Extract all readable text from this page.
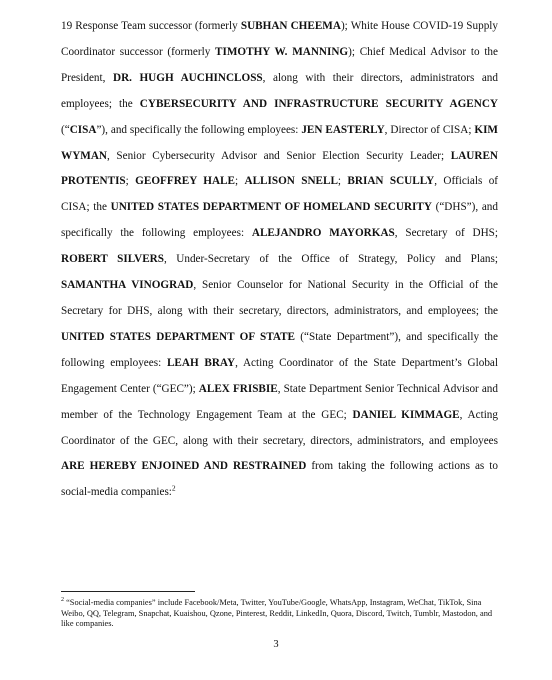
19 Response Team successor (formerly SUBHAN CHEEMA); White House COVID-19 Supply Coordinator successor (formerly TIMOTHY W. MANNING); Chief Medical Advisor to the President, DR. HUGH AUCHINCLOSS, along with their directors, administrators and employees; the CYBERSECURITY AND INFRASTRUCTURE SECURITY AGENCY (“CISA”), and specifically the following employees: JEN EASTERLY, Director of CISA; KIM WYMAN, Senior Cybersecurity Advisor and Senior Election Security Leader; LAUREN PROTENTIS; GEOFFREY HALE; ALLISON SNELL; BRIAN SCULLY, Officials of CISA; the UNITED STATES DEPARTMENT OF HOMELAND SECURITY (“DHS”), and specifically the following employees: ALEJANDRO MAYORKAS, Secretary of DHS; ROBERT SILVERS, Under-Secretary of the Office of Strategy, Policy and Plans; SAMANTHA VINOGRAD, Senior Counselor for National Security in the Official of the Secretary for DHS, along with their secretary, directors, administrators, and employees; the UNITED STATES DEPARTMENT OF STATE (“State Department”), and specifically the following employees: LEAH BRAY, Acting Coordinator of the State Department’s Global Engagement Center (“GEC”); ALEX FRISBIE, State Department Senior Technical Advisor and member of the Technology Engagement Team at the GEC; DANIEL KIMMAGE, Acting Coordinator of the GEC, along with their secretary, directors, administrators, and employees ARE HEREBY ENJOINED AND RESTRAINED from taking the following actions as to social-media companies:$^2$

$^2$ “Social-media companies” include Facebook/Meta, Twitter, YouTube/Google, WhatsApp, Instagram, WeChat, TikTok, Sina Weibo, QQ, Telegram, Snapchat, Kuaishou, Qzone, Pinterest, Reddit, LinkedIn, Quora, Discord, Twitch, Tumblr, Mastodon, and like companies.

3
